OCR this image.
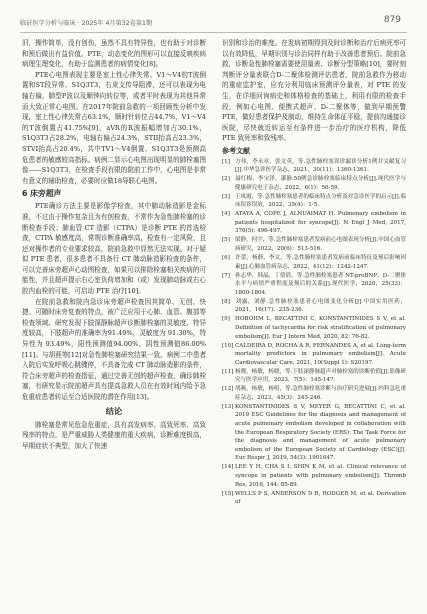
临证医学分析与临床 · 2025年 4月第32卷第1期	879

旧，操作简单，没有创伤，虽然不具有特异性，也有助于对诊断和预后做出有益价值。PTE，动态变化的图形可以直接反映疾病病理生理变化，有助于监测患者的病情变化[8]。

PTE心电图表现主要是室上性心律失常、V1～V4的T波倒置和ST段异常、S1Q3T3，右束支传导阻滞，还可以表现为电轴右偏，肺型P波以及顺钟向转位等，或者平时表现为其他异常而大致正常心电图。在2017年院前急救的一项回顾性分析中发现，室上性心律失常占63.1%，顺时针转位占44.7%，V1～V4的T波倒置占41.75%[9]，aVR的R波振幅增加占30.1%，S1Q3T3占28.2%，电轴右偏占24.3%，STII抬高占23.3%，STVI抬高占20.4%，共中TV1～V4倒置、S1Q3T3是预测高危患者的敏感较高指标。病例二显示心电图出现明显的肺栓塞图像——S1Q3T3，在检查手段有限的院前工作中，心电图是非常有意义的辅助检查，必要时应做18导联心电图。

6 床旁超声

PTE确诊方法主要是影像学检查，其中肺动脉造影是金标准，不过由于操作复杂且为有创检查，不常作为急性肺栓塞的诊断检查手段；肺血管 CT 造影（CTPA）是诊断 PTE 的首选检查，CTPA 敏感度高，常规诊断准确率高，检查有一定风险，且还对操作者的专业要求较高，院前急救中显然无法实现。对于疑似 PTE 患者，很多患者不具备行 CT 肺动脉造影检查的条件，可以完善床旁超声心动图检查，如果可以排除栓塞相关疾病的可能性，并且超声提示右心室负荷增加和（或）发现肺动脉或右心腔内血栓的可能，可启动 PTE 治疗[10]。

在院前急救和院内急诊床旁超声检查因其简单、无创、快捷、可随时床旁复查的特点，被广泛应用于心肺、血管、腹部等检查领域。研究发现下肢深静脉超声诊断肺栓塞的灵敏度、特异度较高，下肢超声的准确率为91.49%，灵敏度为 91.30%，特异性为 93.49%，阳性预测值94.00%，阴性预测值86.00%[11]。与胡燕等[12]对急性肺栓塞研究结果一致。病例二中患者入院后实发呼吸心跳骤停，不具备完成 CT 肺动脉造影的条件，符合床旁超声的检查指征，通过完善无创的超声检查，确诊肺栓塞，有研究显示院前超声具有提高急救人员在有效时间内给予急危重症患者转运至合适医院的潜在作用[13]。

结论

肺栓塞是常见危急危重症，具有高发病率、高致死率、高致残率的特点，是严重威胁人类健康的重大疾病，诊断难度极高，早期症状不典型，加大了快速

识别和诊治的难度。在发病初期得到及时诊断和治疗后病死率可以有效降低，早期识别与诊治同样有助于改善患者预后。院前急救，诊断急性肺栓塞需要使用量表、诊断分型策略[10]，要时刻判断评分量表联合D-二聚体检测评估患者，院前急救作为移动的重症监护室，应充分利用临床预测评分量表，对 PTE 的发生，在详细问询病史和体格检查的基础上，利用有限的检查手段，例如心电图、便携式超声、D-二聚体等，做到早期预警 PTE，做好患者保护及制动，维持生命体征平稳，提前沟通接诊医院，尽快就近转运至有条件进一步治疗的医疗机构，降低 PTE 致死率和致残率。

参考文献
[1] 方伟，李永章，张文英，等.急性肺栓塞误诊漏诊分析1例并文献复习[J].中华急诊医学杂志，2021，30(11)：1360-1361.
[2] 聂红梅，李宝泽，漆静.50例急诊肺栓塞临床特点分析[J].现代医学与健康研究电子杂志，2022，6(1)：56-59.
[3] 王凤霞，等.急性肺栓塞患者的临床特点分析及对急诊医学的启示[J].临床误诊误治，2022，35(4)：1-5.
[4] ATAYA A, COPE J, ALNUAIMAT H. Pulmonary embolism in patients hospitalized for syncope[J]. N Engl J Med, 2017, 376(5): 496-497.
[5] 梁静，何宇，等.急性肺栓塞患者发病前心电图表现分析[J].中国心血管病研究，2022，20(6)：513-516.
[6] 许蕾，杨静，李文，等.急性肺栓塞患者发病前临床特征及预后影响因素[J].心肺血管病杂志，2022，41(12)：1242-1247.
[7] 孙志华，韩晶，丁倩倩，等.急性肺栓塞患者 NT-proBNP、D-二聚体水平与病情严重程度及预后的关系[J].现代医学，2020，25(33)：1800-1804.
[8] 刘露，刘静.急性肺栓塞患者心电图变化分析[J].中国实用医药，2021，16(17)：235-236.
[9] HOBOHM L, BECATTINI C, KONSTANTINIDES S V, et al. Definition of tachycardia for risk stratification of pulmonary embolism[J]. Eur J Intern Med, 2020, 82: 76-82.
[10] CALDEIRA D, ROCHA A R, FERNANDES A, et al. Long-term mortality predictors in pulmonary embolism[J]. Acute Cardiovascular Care, 2021, 10(Suppl 1): S20197.
[11] 杨晓，杨敏，杨晓，等.下肢深静脉超声对肺栓塞的诊断价值[J].影像研究与医学应用，2023，7(5)：145-147.
[12] 胡燕，杨敏，杨明，等.急性肺栓塞诊断与治疗研究进展[J].内科急危重症杂志，2023，45(3)：243-246.
[13] KONSTANTINIDES S V, MEYER G, BECATTINI C, et al. 2019 ESC Guidelines for the diagnosis and management of acute pulmonary embolism developed in collaboration with the European Respiratory Society (ERS): The Task Force for the diagnosis and management of acute pulmonary embolism of the European Society of Cardiology (ESC)[J]. Eur Respir J, 2019, 54(3): 1901647.
[14] LEE Y H, CHA S I, SHIN K M, et al. Clinical relevance of syncope in patients with pulmonary embolism[J]. Thromb Res, 2016, 144: 85-89.
[15] WELLS P S, ANDERSON D R, RODGER M, et al. Derivation of
